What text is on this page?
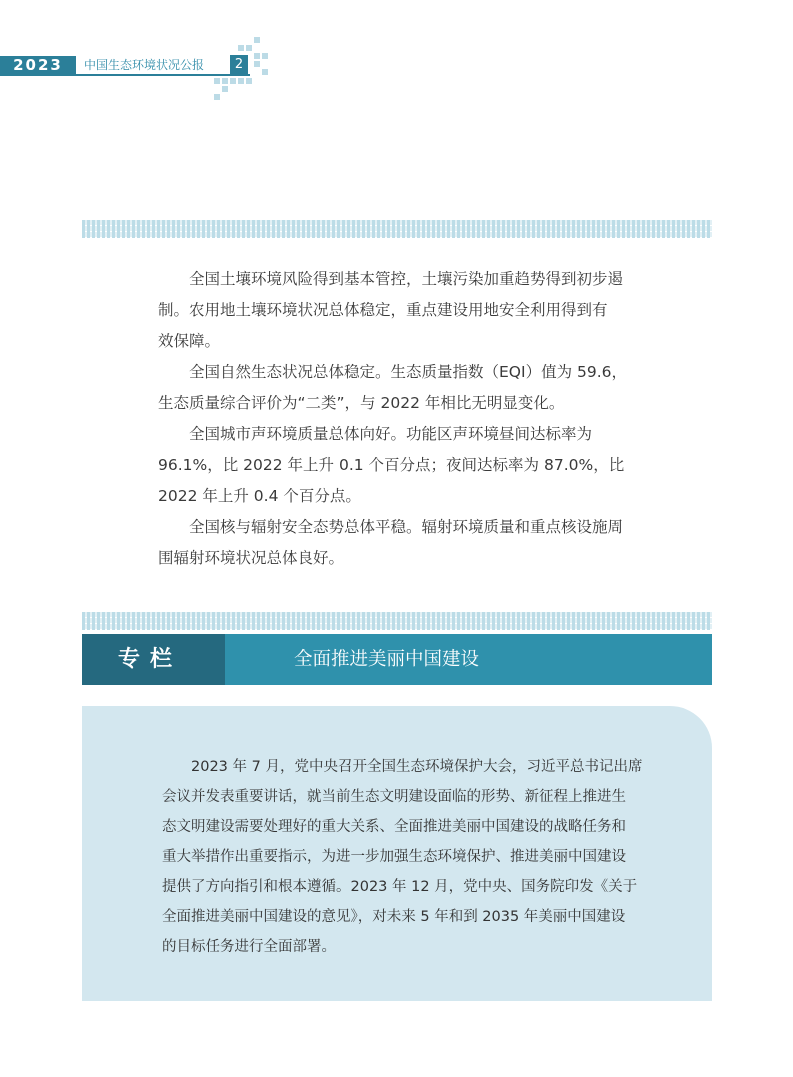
2023	中国生态环境状况公报	2
全国土壤环境风险得到基本管控，土壤污染加重趋势得到初步遏
制。农用地土壤环境状况总体稳定，重点建设用地安全利用得到有
效保障。
全国自然生态状况总体稳定。生态质量指数（EQI）值为 59.6，
生态质量综合评价为“二类”，与 2022 年相比无明显变化。
全国城市声环境质量总体向好。功能区声环境昼间达标率为
96.1%，比 2022 年上升 0.1 个百分点；夜间达标率为 87.0%，比
2022 年上升 0.4 个百分点。
全国核与辐射安全态势总体平稳。辐射环境质量和重点核设施周
围辐射环境状况总体良好。
专栏	全面推进美丽中国建设
2023 年 7 月，党中央召开全国生态环境保护大会，习近平总书记出席
会议并发表重要讲话，就当前生态文明建设面临的形势、新征程上推进生
态文明建设需要处理好的重大关系、全面推进美丽中国建设的战略任务和
重大举措作出重要指示，为进一步加强生态环境保护、推进美丽中国建设
提供了方向指引和根本遵循。2023 年 12 月，党中央、国务院印发《关于
全面推进美丽中国建设的意见》，对未来 5 年和到 2035 年美丽中国建设
的目标任务进行全面部署。
